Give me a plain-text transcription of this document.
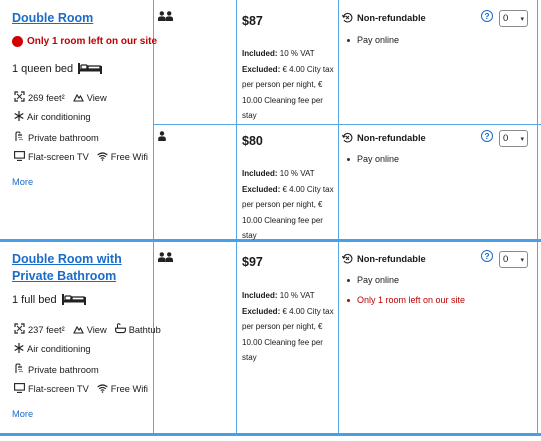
Double Room
Only 1 room left on our site
1 queen bed
269 feet² View
Air conditioning
Private bathroom
Flat-screen TV Free Wifi
More
$87
Included: 10 % VAT
Excluded: € 4.00 City tax per person per night, € 10.00 Cleaning fee per stay
Non-refundable
Pay online
?	0 ▾
$80
Included: 10 % VAT
Excluded: € 4.00 City tax per person per night, € 10.00 Cleaning fee per stay
Non-refundable
Pay online
?	0 ▾
Double Room with Private Bathroom
1 full bed
237 feet² View Bathtub
Air conditioning
Private bathroom
Flat-screen TV Free Wifi
More
$97
Included: 10 % VAT
Excluded: € 4.00 City tax per person per night, € 10.00 Cleaning fee per stay
Non-refundable
Pay online
Only 1 room left on our site
?	0 ▾
